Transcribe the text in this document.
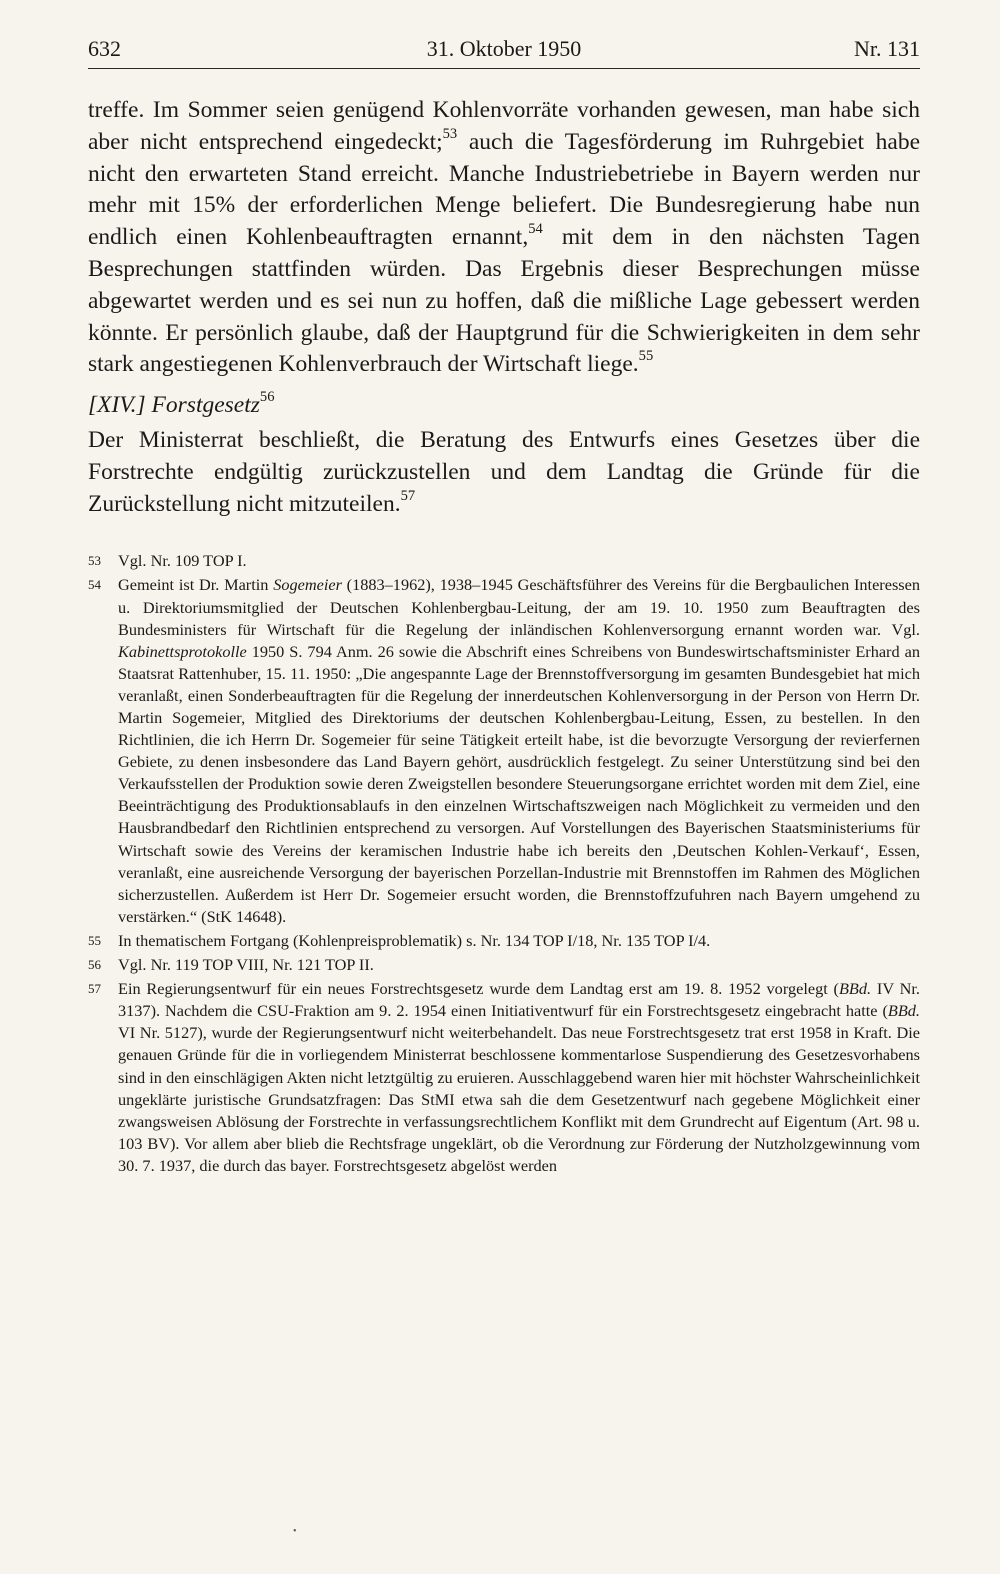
632	31. Oktober 1950	Nr. 131

treffe. Im Sommer seien genügend Kohlenvorräte vorhanden gewesen, man habe sich aber nicht entsprechend eingedeckt;$^{53}$ auch die Tagesförderung im Ruhrgebiet habe nicht den erwarteten Stand erreicht. Manche Industriebetriebe in Bayern werden nur mehr mit 15% der erforderlichen Menge beliefert. Die Bundesregierung habe nun endlich einen Kohlenbeauftragten ernannt,$^{54}$ mit dem in den nächsten Tagen Besprechungen stattfinden würden. Das Ergebnis dieser Besprechungen müsse abgewartet werden und es sei nun zu hoffen, daß die mißliche Lage gebessert werden könnte. Er persönlich glaube, daß der Hauptgrund für die Schwierigkeiten in dem sehr stark angestiegenen Kohlenverbrauch der Wirtschaft liege.$^{55}$

[XIV.] Forstgesetz$^{56}$
Der Ministerrat beschließt, die Beratung des Entwurfs eines Gesetzes über die Forstrechte endgültig zurückzustellen und dem Landtag die Gründe für die Zurückstellung nicht mitzuteilen.$^{57}$
53 Vgl. Nr. 109 TOP I.
54 Gemeint ist Dr. Martin Sogemeier (1883–1962), 1938–1945 Geschäftsführer des Vereins für die Bergbaulichen Interessen u. Direktoriumsmitglied der Deutschen Kohlenbergbau-Leitung, der am 19. 10. 1950 zum Beauftragten des Bundesministers für Wirtschaft für die Regelung der inländischen Kohlenversorgung ernannt worden war. Vgl. Kabinettsprotokolle 1950 S. 794 Anm. 26 sowie die Abschrift eines Schreibens von Bundeswirtschaftsminister Erhard an Staatsrat Rattenhuber, 15. 11. 1950: „Die angespannte Lage der Brennstoffversorgung im gesamten Bundesgebiet hat mich veranlaßt, einen Sonderbeauftragten für die Regelung der innerdeutschen Kohlenversorgung in der Person von Herrn Dr. Martin Sogemeier, Mitglied des Direktoriums der deutschen Kohlenbergbau-Leitung, Essen, zu bestellen. In den Richtlinien, die ich Herrn Dr. Sogemeier für seine Tätigkeit erteilt habe, ist die bevorzugte Versorgung der revierfernen Gebiete, zu denen insbesondere das Land Bayern gehört, ausdrücklich festgelegt. Zu seiner Unterstützung sind bei den Verkaufsstellen der Produktion sowie deren Zweigstellen besondere Steuerungsorgane errichtet worden mit dem Ziel, eine Beeinträchtigung des Produktionsablaufs in den einzelnen Wirtschaftszweigen nach Möglichkeit zu vermeiden und den Hausbrandbedarf den Richtlinien entsprechend zu versorgen. Auf Vorstellungen des Bayerischen Staatsministeriums für Wirtschaft sowie des Vereins der keramischen Industrie habe ich bereits den ‚Deutschen Kohlen-Verkauf‘, Essen, veranlaßt, eine ausreichende Versorgung der bayerischen Porzellan-Industrie mit Brennstoffen im Rahmen des Möglichen sicherzustellen. Außerdem ist Herr Dr. Sogemeier ersucht worden, die Brennstoffzufuhren nach Bayern umgehend zu verstärken.“ (StK 14648).
55 In thematischem Fortgang (Kohlenpreisproblematik) s. Nr. 134 TOP I/18, Nr. 135 TOP I/4.
56 Vgl. Nr. 119 TOP VIII, Nr. 121 TOP II.
57 Ein Regierungsentwurf für ein neues Forstrechtsgesetz wurde dem Landtag erst am 19. 8. 1952 vorgelegt (BBd. IV Nr. 3137). Nachdem die CSU-Fraktion am 9. 2. 1954 einen Initiativentwurf für ein Forstrechtsgesetz eingebracht hatte (BBd. VI Nr. 5127), wurde der Regierungsentwurf nicht weiterbehandelt. Das neue Forstrechtsgesetz trat erst 1958 in Kraft. Die genauen Gründe für die in vorliegendem Ministerrat beschlossene kommentarlose Suspendierung des Gesetzesvorhabens sind in den einschlägigen Akten nicht letztgültig zu eruieren. Ausschlaggebend waren hier mit höchster Wahrscheinlichkeit ungeklärte juristische Grundsatzfragen: Das StMI etwa sah die dem Gesetzentwurf nach gegebene Möglichkeit einer zwangsweisen Ablösung der Forstrechte in verfassungsrechtlichem Konflikt mit dem Grundrecht auf Eigentum (Art. 98 u. 103 BV). Vor allem aber blieb die Rechtsfrage ungeklärt, ob die Verordnung zur Förderung der Nutzholzgewinnung vom 30. 7. 1937, die durch das bayer. Forstrechtsgesetz abgelöst werden
•
